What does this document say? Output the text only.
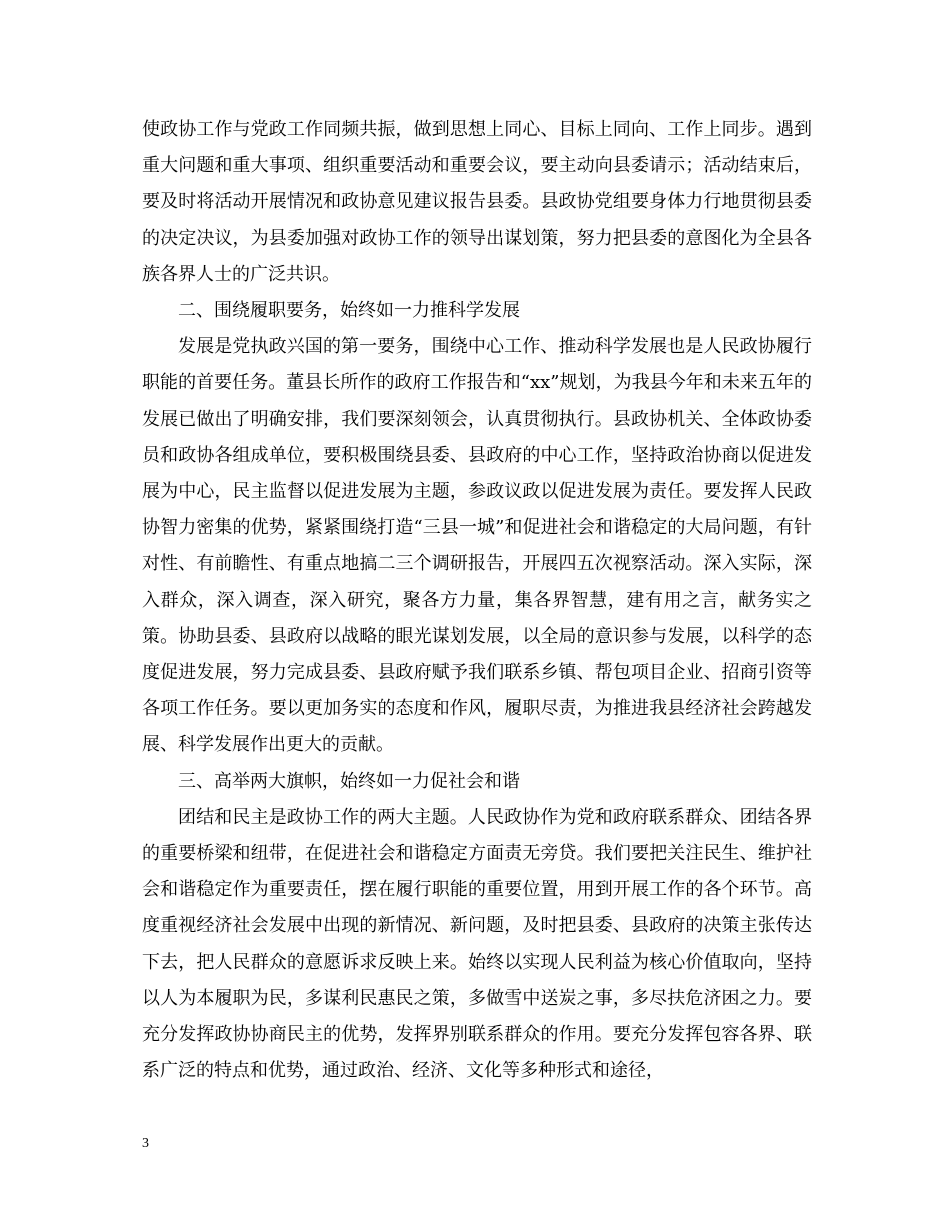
使政协工作与党政工作同频共振，做到思想上同心、目标上同向、工作上同步。遇到重大问题和重大事项、组织重要活动和重要会议，要主动向县委请示；活动结束后，要及时将活动开展情况和政协意见建议报告县委。县政协党组要身体力行地贯彻县委的决定决议，为县委加强对政协工作的领导出谋划策，努力把县委的意图化为全县各族各界人士的广泛共识。

二、围绕履职要务，始终如一力推科学发展

发展是党执政兴国的第一要务，围绕中心工作、推动科学发展也是人民政协履行职能的首要任务。董县长所作的政府工作报告和“xx”规划，为我县今年和未来五年的发展已做出了明确安排，我们要深刻领会，认真贯彻执行。县政协机关、全体政协委员和政协各组成单位，要积极围绕县委、县政府的中心工作，坚持政治协商以促进发展为中心，民主监督以促进发展为主题，参政议政以促进发展为责任。要发挥人民政协智力密集的优势，紧紧围绕打造“三县一城”和促进社会和谐稳定的大局问题，有针对性、有前瞻性、有重点地搞二三个调研报告，开展四五次视察活动。深入实际，深入群众，深入调查，深入研究，聚各方力量，集各界智慧，建有用之言，献务实之策。协助县委、县政府以战略的眼光谋划发展，以全局的意识参与发展，以科学的态度促进发展，努力完成县委、县政府赋予我们联系乡镇、帮包项目企业、招商引资等各项工作任务。要以更加务实的态度和作风，履职尽责，为推进我县经济社会跨越发展、科学发展作出更大的贡献。

三、高举两大旗帜，始终如一力促社会和谐

团结和民主是政协工作的两大主题。人民政协作为党和政府联系群众、团结各界的重要桥梁和纽带，在促进社会和谐稳定方面责无旁贷。我们要把关注民生、维护社会和谐稳定作为重要责任，摆在履行职能的重要位置，用到开展工作的各个环节。高度重视经济社会发展中出现的新情况、新问题，及时把县委、县政府的决策主张传达下去，把人民群众的意愿诉求反映上来。始终以实现人民利益为核心价值取向，坚持以人为本履职为民，多谋利民惠民之策，多做雪中送炭之事，多尽扶危济困之力。要充分发挥政协协商民主的优势，发挥界别联系群众的作用。要充分发挥包容各界、联系广泛的特点和优势，通过政治、经济、文化等多种形式和途径，

3
